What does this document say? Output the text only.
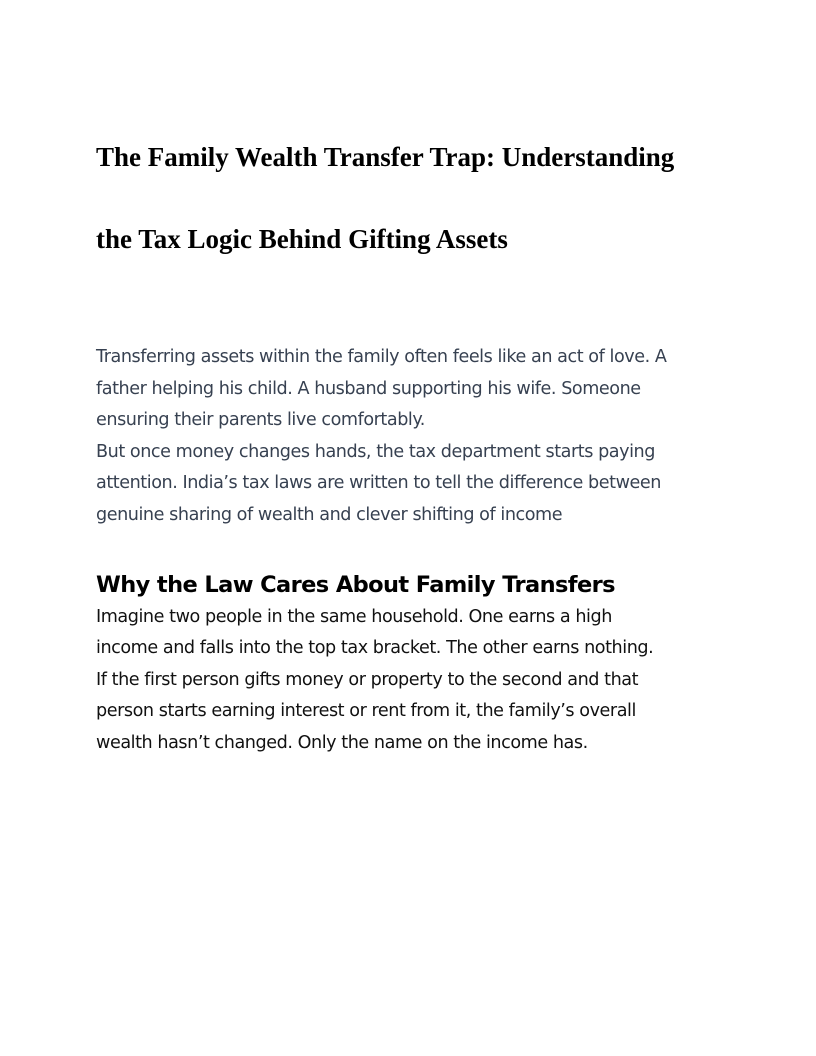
The Family Wealth Transfer Trap: Understanding

the Tax Logic Behind Gifting Assets

Transferring assets within the family often feels like an act of love. A
father helping his child. A husband supporting his wife. Someone
ensuring their parents live comfortably.
But once money changes hands, the tax department starts paying
attention. India’s tax laws are written to tell the difference between
genuine sharing of wealth and clever shifting of income

Why the Law Cares About Family Transfers

Imagine two people in the same household. One earns a high
income and falls into the top tax bracket. The other earns nothing.
If the first person gifts money or property to the second and that
person starts earning interest or rent from it, the family’s overall
wealth hasn’t changed. Only the name on the income has.
